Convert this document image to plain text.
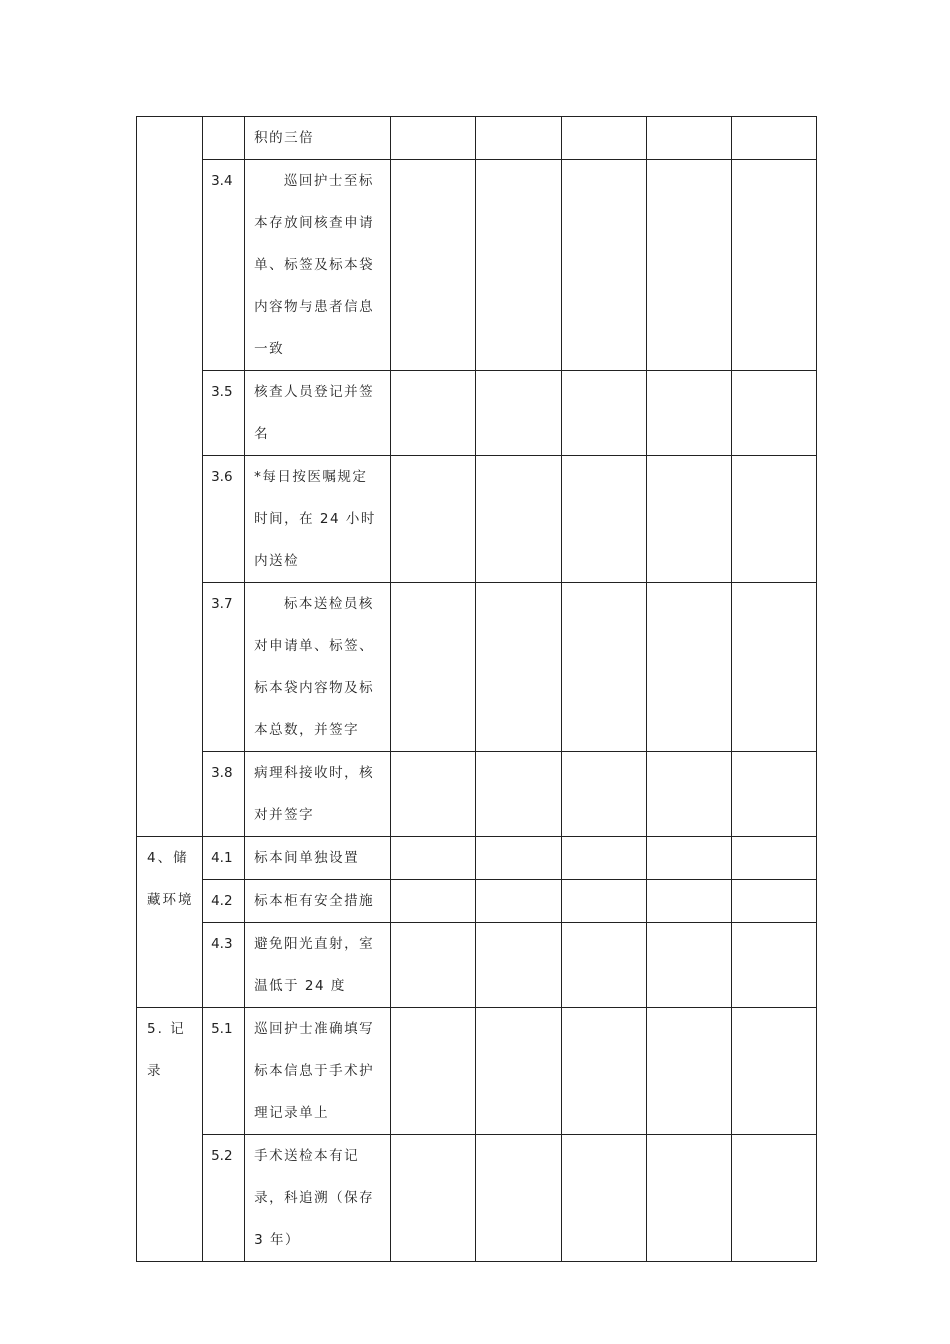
		积的三倍					
	3.4	巡回护士至标本存放间核查申请单、标签及标本袋内容物与患者信息一致					
	3.5	核查人员登记并签名					
	3.6	*每日按医嘱规定时间，在 24 小时内送检					
	3.7	标本送检员核对申请单、标签、标本袋内容物及标本总数，并签字					
	3.8	病理科接收时，核对并签字					
4、储藏环境	4.1	标本间单独设置					
	4.2	标本柜有安全措施					
	4.3	避免阳光直射，室温低于 24 度					
5. 记录	5.1	巡回护士准确填写标本信息于手术护理记录单上					
	5.2	手术送检本有记录，科追溯（保存 3 年）					
